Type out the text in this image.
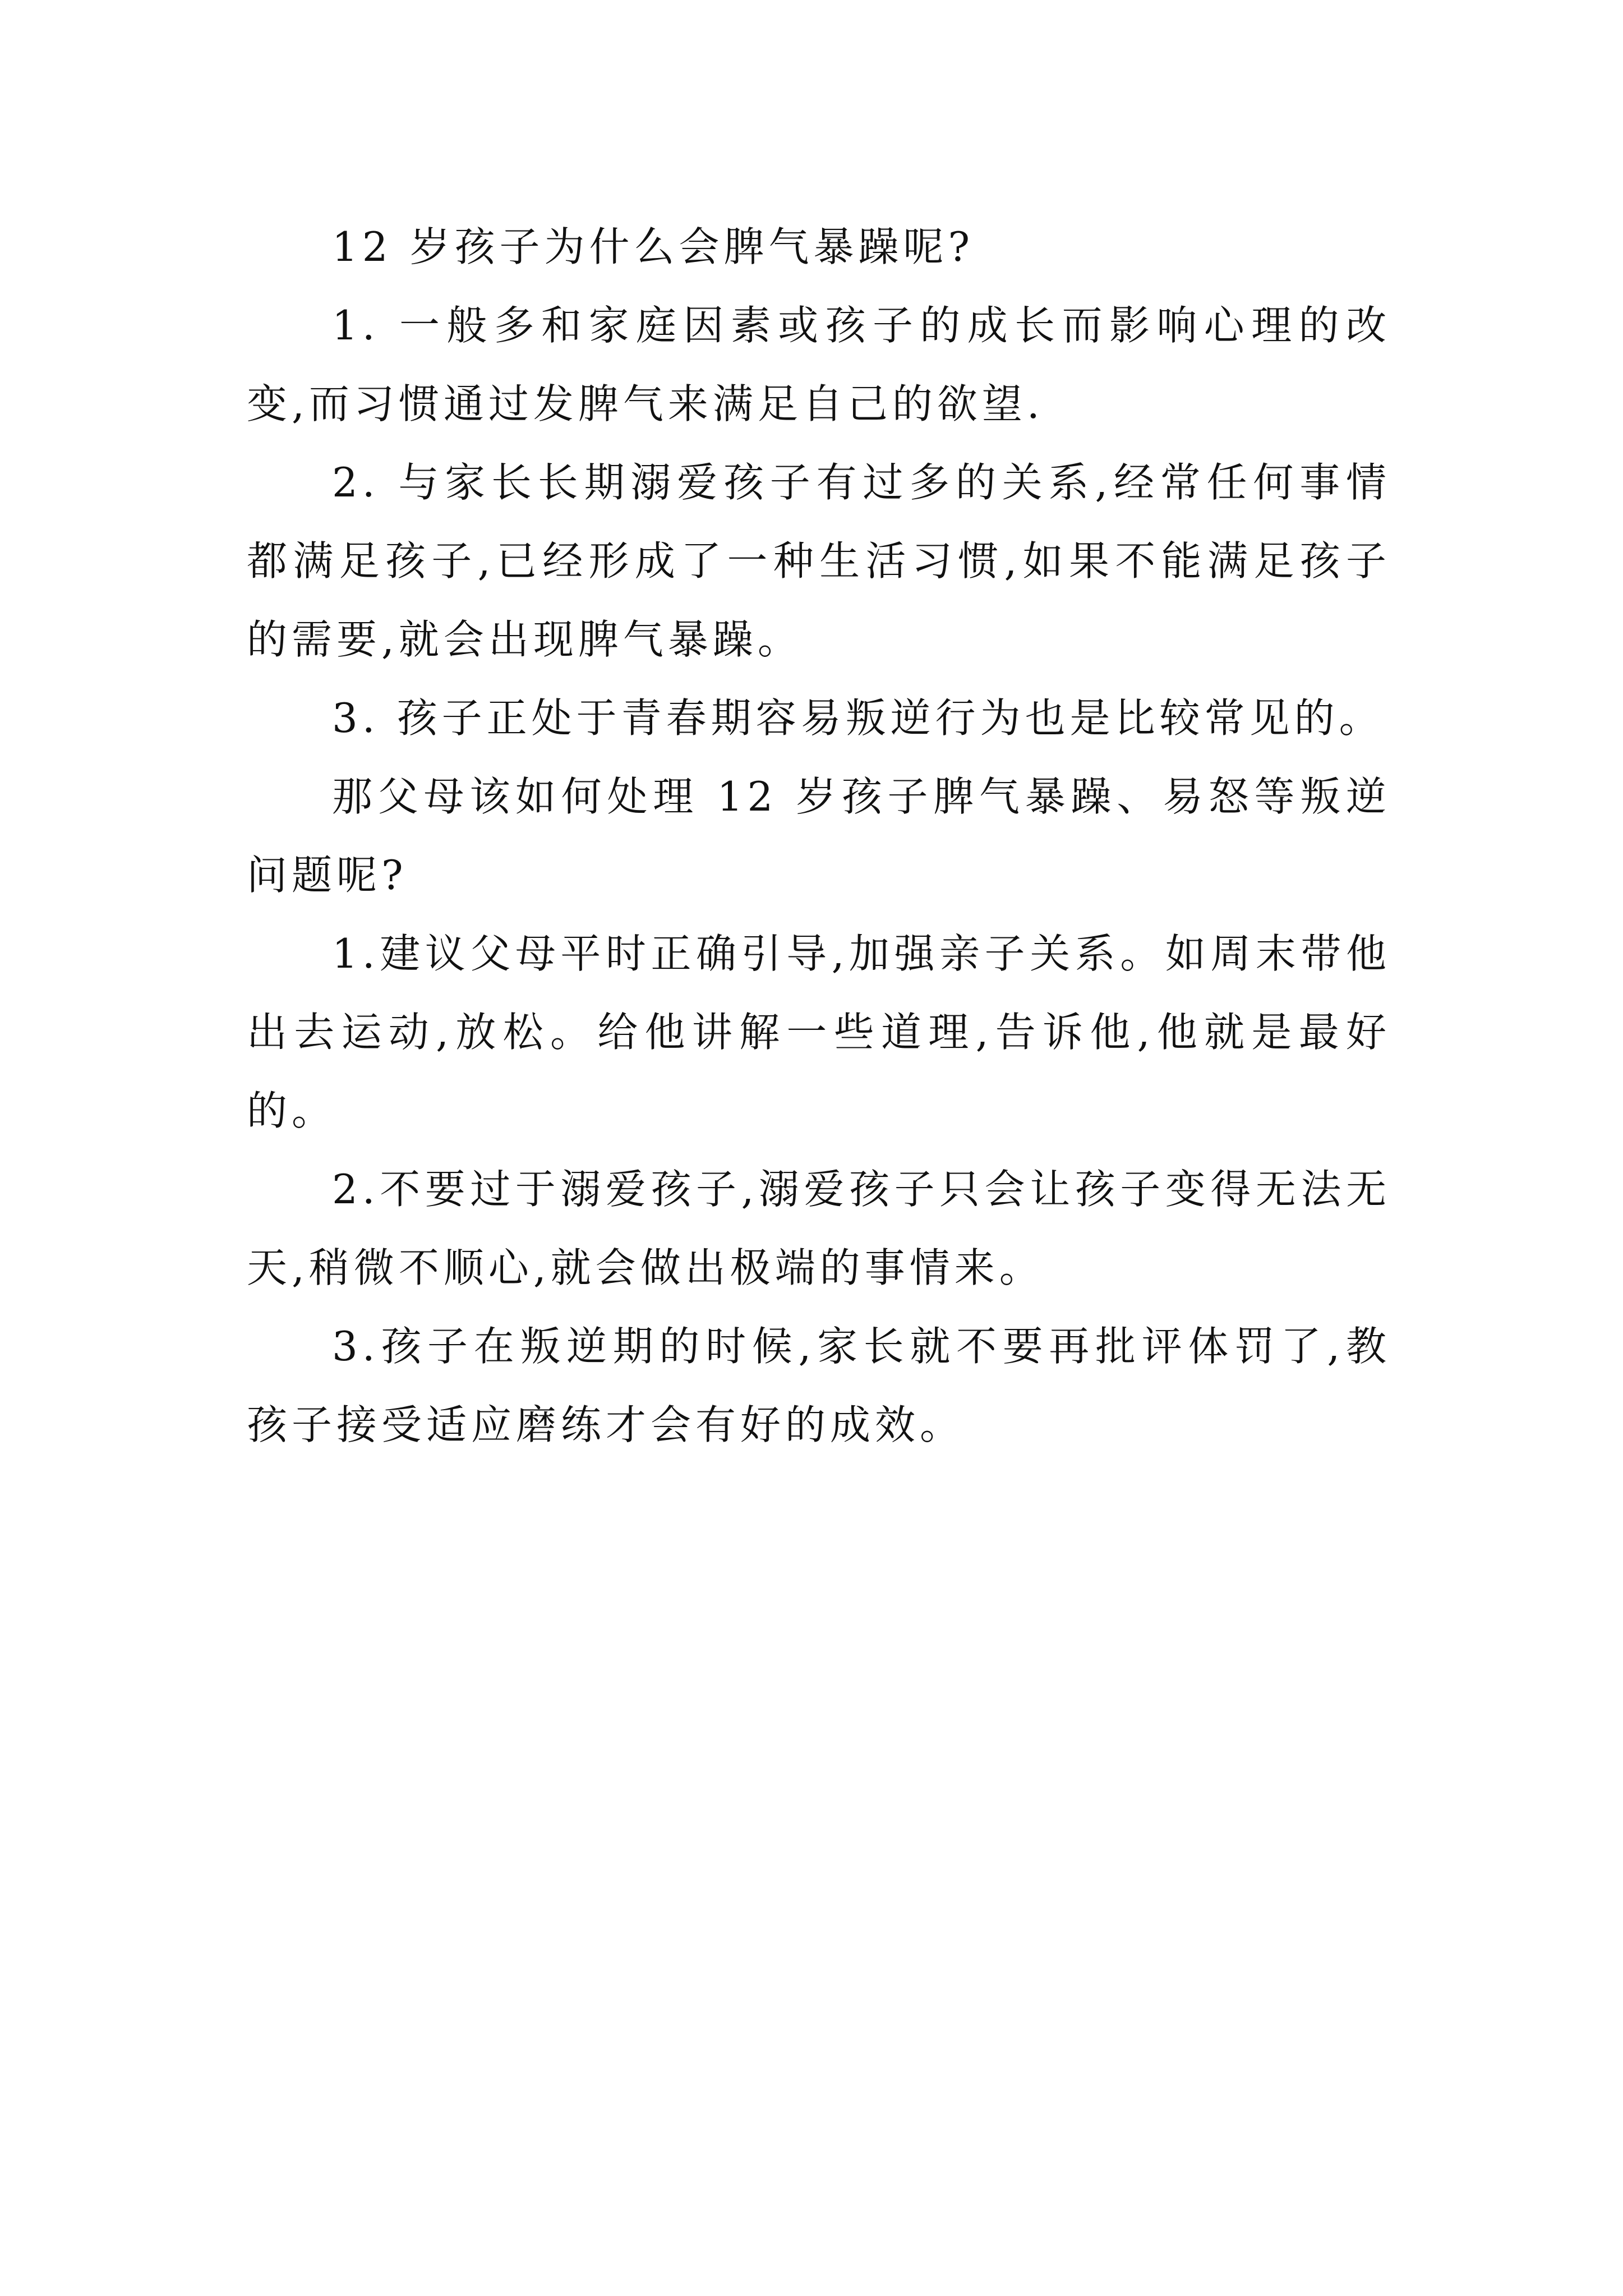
12 岁孩子为什么会脾气暴躁呢?

1. 一般多和家庭因素或孩子的成长而影响心理的改变,而习惯通过发脾气来满足自己的欲望.

2. 与家长长期溺爱孩子有过多的关系,经常任何事情都满足孩子,已经形成了一种生活习惯,如果不能满足孩子的需要,就会出现脾气暴躁。

3. 孩子正处于青春期容易叛逆行为也是比较常见的。

那父母该如何处理 12 岁孩子脾气暴躁、易怒等叛逆问题呢?

1.建议父母平时正确引导,加强亲子关系。如周末带他出去运动,放松。给他讲解一些道理,告诉他,他就是最好的。

2.不要过于溺爱孩子,溺爱孩子只会让孩子变得无法无天,稍微不顺心,就会做出极端的事情来。

3.孩子在叛逆期的时候,家长就不要再批评体罚了,教孩子接受适应磨练才会有好的成效。
